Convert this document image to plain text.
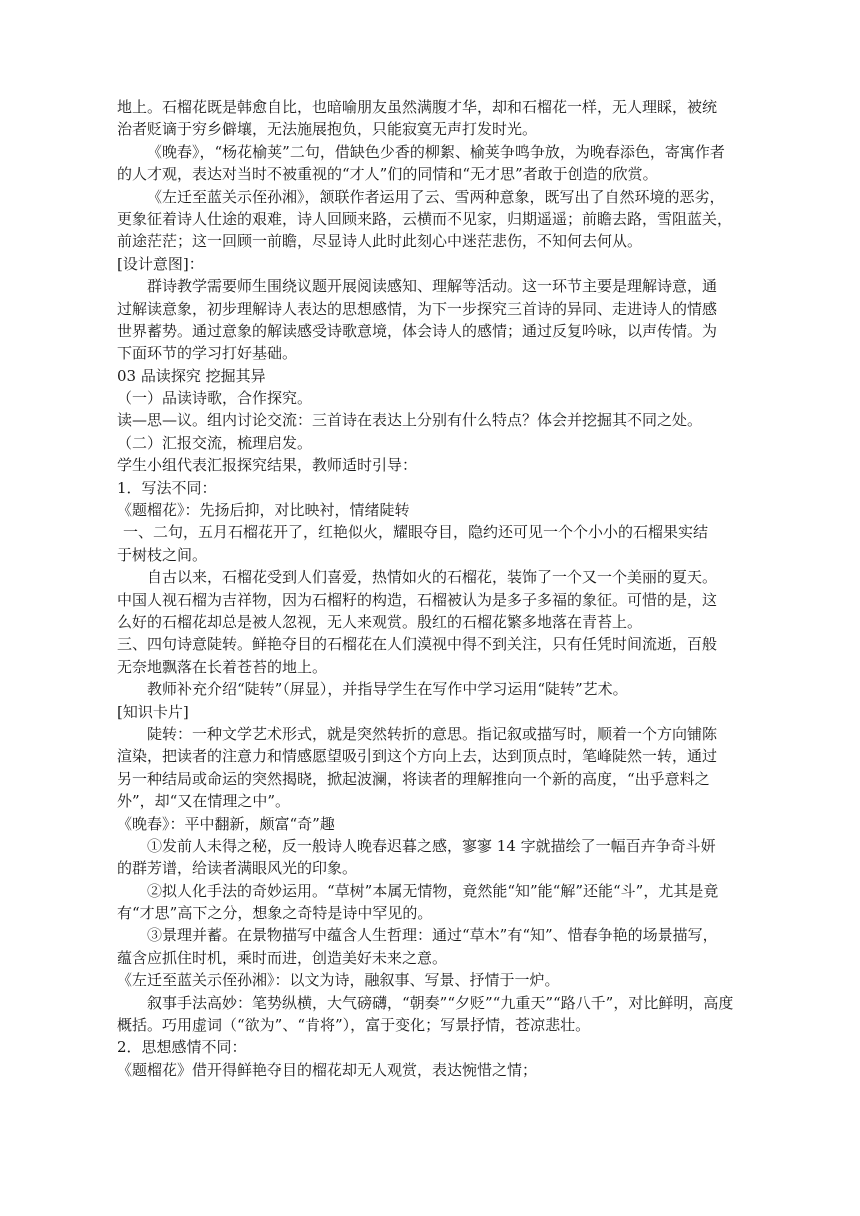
地上。石榴花既是韩愈自比，也暗喻朋友虽然满腹才华，却和石榴花一样，无人理睬，被统
治者贬谪于穷乡僻壤，无法施展抱负，只能寂寞无声打发时光。
《晚春》，“杨花榆荚”二句，借缺色少香的柳絮、榆荚争鸣争放，为晚春添色，寄寓作者
的人才观，表达对当时不被重视的“才人”们的同情和“无才思”者敢于创造的欣赏。
《左迁至蓝关示侄孙湘》，颔联作者运用了云、雪两种意象，既写出了自然环境的恶劣，
更象征着诗人仕途的艰难，诗人回顾来路，云横而不见家，归期遥遥；前瞻去路，雪阻蓝关，
前途茫茫；这一回顾一前瞻，尽显诗人此时此刻心中迷茫悲伤，不知何去何从。
[设计意图]：
群诗教学需要师生围绕议题开展阅读感知、理解等活动。这一环节主要是理解诗意，通
过解读意象，初步理解诗人表达的思想感情，为下一步探究三首诗的异同、走进诗人的情感
世界蓄势。通过意象的解读感受诗歌意境，体会诗人的感情；通过反复吟咏，以声传情。为
下面环节的学习打好基础。
03 品读探究 挖掘其异
（一）品读诗歌，合作探究。
读—思—议。组内讨论交流：三首诗在表达上分别有什么特点？体会并挖掘其不同之处。
（二）汇报交流，梳理启发。
学生小组代表汇报探究结果，教师适时引导：
1．写法不同：
《题榴花》：先扬后抑，对比映衬，情绪陡转
一、二句，五月石榴花开了，红艳似火，耀眼夺目，隐约还可见一个个小小的石榴果实结
于树枝之间。
自古以来，石榴花受到人们喜爱，热情如火的石榴花，装饰了一个又一个美丽的夏天。
中国人视石榴为吉祥物，因为石榴籽的构造，石榴被认为是多子多福的象征。可惜的是，这
么好的石榴花却总是被人忽视，无人来观赏。殷红的石榴花繁多地落在青苔上。
三、四句诗意陡转。鲜艳夺目的石榴花在人们漠视中得不到关注，只有任凭时间流逝，百般
无奈地飘落在长着苍苔的地上。
教师补充介绍“陡转”（屏显），并指导学生在写作中学习运用“陡转”艺术。
[知识卡片]
陡转：一种文学艺术形式，就是突然转折的意思。指记叙或描写时，顺着一个方向铺陈
渲染，把读者的注意力和情感愿望吸引到这个方向上去，达到顶点时，笔峰陡然一转，通过
另一种结局或命运的突然揭晓，掀起波澜，将读者的理解推向一个新的高度，“出乎意料之
外”，却“又在情理之中”。
《晚春》：平中翻新，颇富“奇”趣
①发前人未得之秘，反一般诗人晚春迟暮之感，寥寥 14 字就描绘了一幅百卉争奇斗妍
的群芳谱，给读者满眼风光的印象。
②拟人化手法的奇妙运用。“草树”本属无情物，竟然能“知”能“解”还能“斗”，尤其是竟
有“才思”高下之分，想象之奇特是诗中罕见的。
③景理并蓄。在景物描写中蕴含人生哲理：通过“草木”有“知”、惜春争艳的场景描写，
蕴含应抓住时机，乘时而进，创造美好未来之意。
《左迁至蓝关示侄孙湘》：以文为诗，融叙事、写景、抒情于一炉。
叙事手法高妙：笔势纵横，大气磅礴，“朝奏”“夕贬”“九重天”“路八千”，对比鲜明，高度
概括。巧用虚词（“欲为”、“肯将”），富于变化；写景抒情，苍凉悲壮。
2．思想感情不同：
《题榴花》借开得鲜艳夺目的榴花却无人观赏，表达惋惜之情；
